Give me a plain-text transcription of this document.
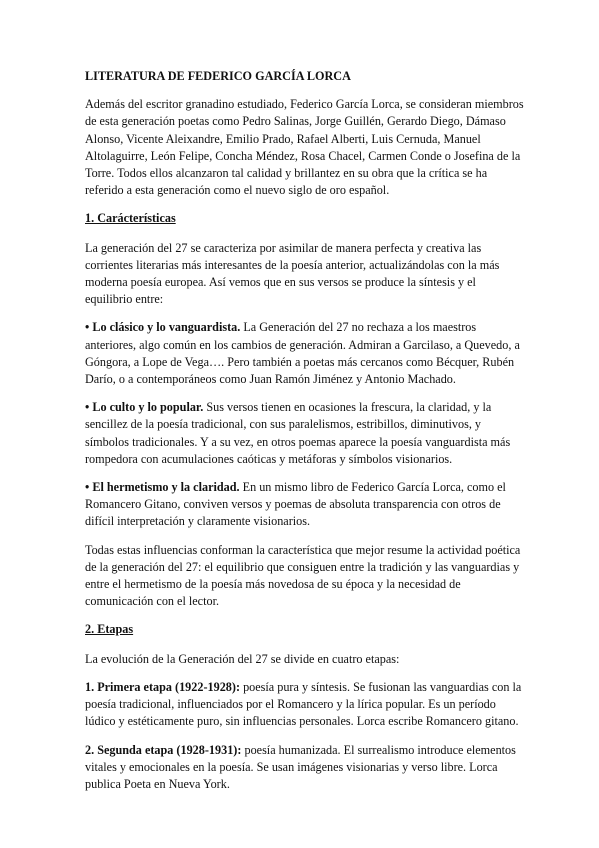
LITERATURA DE FEDERICO GARCÍA LORCA

Además del escritor granadino estudiado, Federico García Lorca, se consideran miembros de esta generación poetas como Pedro Salinas, Jorge Guillén, Gerardo Diego, Dámaso Alonso, Vicente Aleixandre, Emilio Prado, Rafael Alberti, Luis Cernuda, Manuel Altolaguirre, León Felipe, Concha Méndez, Rosa Chacel, Carmen Conde o Josefina de la Torre. Todos ellos alcanzaron tal calidad y brillantez en su obra que la crítica se ha referido a esta generación como el nuevo siglo de oro español.

1. Carácterísticas

La generación del 27 se caracteriza por asimilar de manera perfecta y creativa las corrientes literarias más interesantes de la poesía anterior, actualizándolas con la más moderna poesía europea. Así vemos que en sus versos se produce la síntesis y el equilibrio entre:

• Lo clásico y lo vanguardista. La Generación del 27 no rechaza a los maestros anteriores, algo común en los cambios de generación. Admiran a Garcilaso, a Quevedo, a Góngora, a Lope de Vega…. Pero también a poetas más cercanos como Bécquer, Rubén Darío, o a contemporáneos como Juan Ramón Jiménez y Antonio Machado.

• Lo culto y lo popular. Sus versos tienen en ocasiones la frescura, la claridad, y la sencillez de la poesía tradicional, con sus paralelismos, estribillos, diminutivos, y símbolos tradicionales. Y a su vez, en otros poemas aparece la poesía vanguardista más rompedora con acumulaciones caóticas y metáforas y símbolos visionarios.

• El hermetismo y la claridad. En un mismo libro de Federico García Lorca, como el Romancero Gitano, conviven versos y poemas de absoluta transparencia con otros de difícil interpretación y claramente visionarios.

Todas estas influencias conforman la característica que mejor resume la actividad poética de la generación del 27: el equilibrio que consiguen entre la tradición y las vanguardias y entre el hermetismo de la poesía más novedosa de su época y la necesidad de comunicación con el lector.

2. Etapas

La evolución de la Generación del 27 se divide en cuatro etapas:

1. Primera etapa (1922-1928): poesía pura y síntesis. Se fusionan las vanguardias con la poesía tradicional, influenciados por el Romancero y la lírica popular. Es un período lúdico y estéticamente puro, sin influencias personales. Lorca escribe Romancero gitano.

2. Segunda etapa (1928-1931): poesía humanizada. El surrealismo introduce elementos vitales y emocionales en la poesía. Se usan imágenes visionarias y verso libre. Lorca publica Poeta en Nueva York.
